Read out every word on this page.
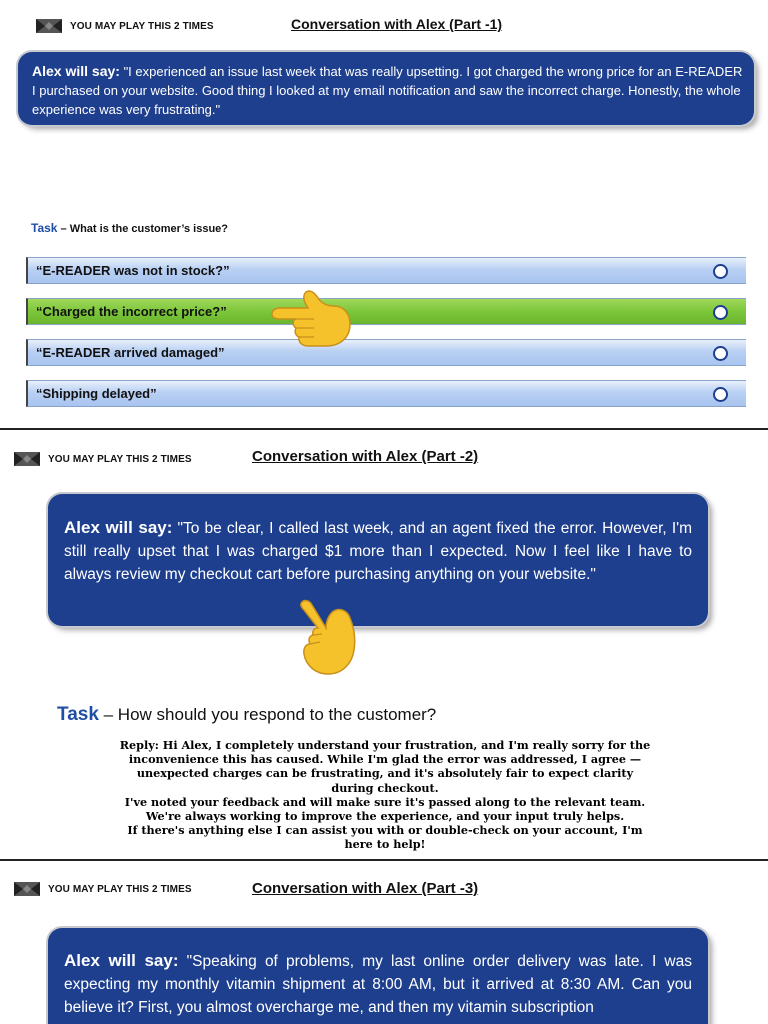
YOU MAY PLAY THIS 2 TIMES	Conversation with Alex (Part -1)
Alex will say: "I experienced an issue last week that was really upsetting. I got charged the wrong price for an E-READER I purchased on your website. Good thing I looked at my email notification and saw the incorrect charge. Honestly, the whole experience was very frustrating."
Task – What is the customer’s issue?
“E-READER was not in stock?”
“Charged the incorrect price?”
“E-READER arrived damaged”
“Shipping delayed”
YOU MAY PLAY THIS 2 TIMES	Conversation with Alex (Part -2)
Alex will say: "To be clear, I called last week, and an agent fixed the error. However, I'm still really upset that I was charged $1 more than I expected. Now I feel like I have to always review my checkout cart before purchasing anything on your website."
Task – How should you respond to the customer?
Reply: Hi Alex, I completely understand your frustration, and I'm really sorry for the
inconvenience this has caused. While I'm glad the error was addressed, I agree —
unexpected charges can be frustrating, and it's absolutely fair to expect clarity
during checkout.
I've noted your feedback and will make sure it's passed along to the relevant team.
We're always working to improve the experience, and your input truly helps.
If there's anything else I can assist you with or double-check on your account, I'm
here to help!
YOU MAY PLAY THIS 2 TIMES	Conversation with Alex (Part -3)
Alex will say: "Speaking of problems, my last online order delivery was late. I was expecting my monthly vitamin shipment at 8:00 AM, but it arrived at 8:30 AM. Can you believe it? First, you almost overcharge me, and then my vitamin subscription
